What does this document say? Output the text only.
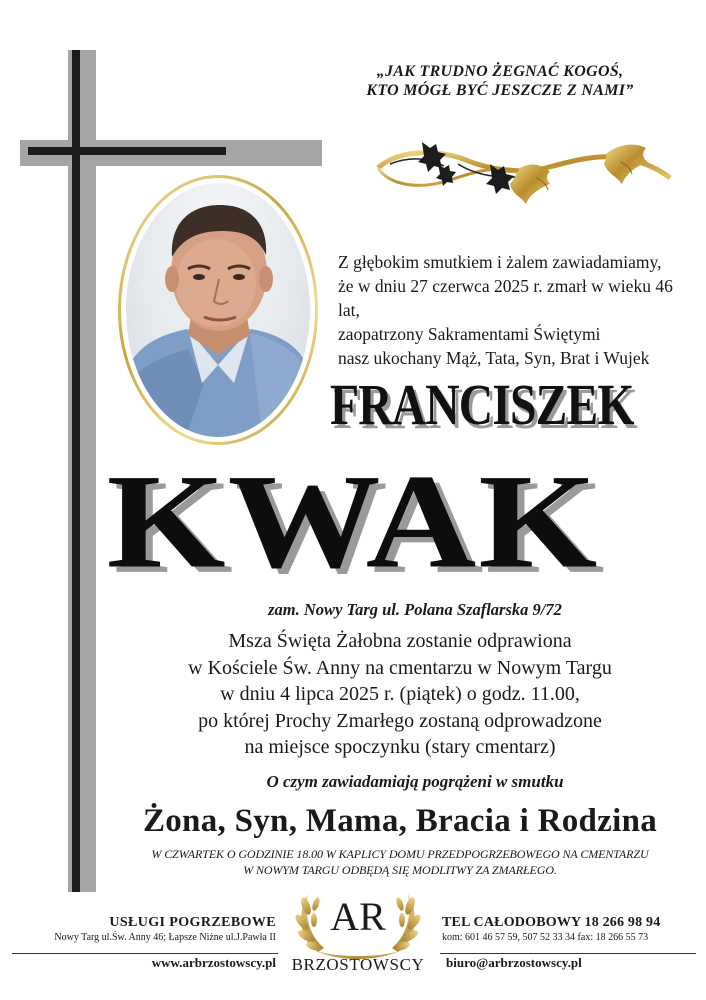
„JAK TRUDNO ŻEGNAĆ KOGOŚ,
KTO MÓGŁ BYĆ JESZCZE Z NAMI”
Z głębokim smutkiem i żalem zawiadamiamy,
że w dniu 27 czerwca 2025 r. zmarł w wieku 46 lat,
zaopatrzony Sakramentami Świętymi
nasz ukochany Mąż, Tata, Syn, Brat i Wujek
FRANCISZEK
KWAK
zam. Nowy Targ ul. Polana Szaflarska 9/72
Msza Święta Żałobna zostanie odprawiona
w Kościele Św. Anny na cmentarzu w Nowym Targu
w dniu 4 lipca 2025 r. (piątek) o godz. 11.00,
po której Prochy Zmarłego zostaną odprowadzone
na miejsce spoczynku (stary cmentarz)
O czym zawiadamiają pogrążeni w smutku
Żona, Syn, Mama, Bracia i Rodzina
W CZWARTEK O GODZINIE 18.00 W KAPLICY DOMU PRZEDPOGRZEBOWEGO NA CMENTARZU
W NOWYM TARGU ODBĘDĄ SIĘ MODLITWY ZA ZMARŁEGO.
USŁUGI POGRZEBOWE
Nowy Targ ul.Św. Anny 46; Łapsze Niżne ul.J.Pawła II
www.arbrzostowscy.pl
AR
BRZOSTOWSCY
TEL CAŁODOBOWY 18 266 98 94
kom: 601 46 57 59, 507 52 33 34 fax: 18 266 55 73
biuro@arbrzostowscy.pl
